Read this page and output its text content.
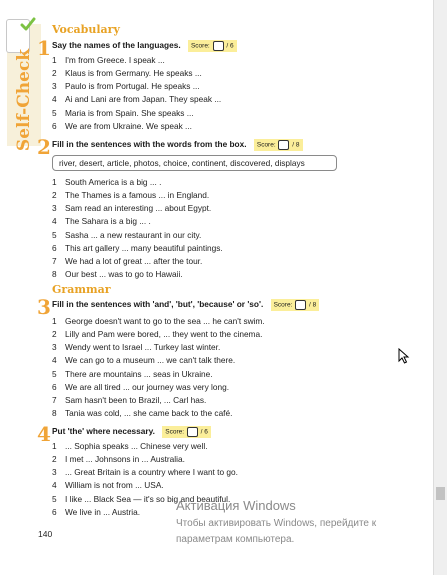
Self-Check
Vocabulary
1 Say the names of the languages. Score:	/ 6
1	I'm from Greece. I speak ...
2	Klaus is from Germany. He speaks ...
3	Paulo is from Portugal. He speaks ...
4	Ai and Lani are from Japan. They speak ...
5	Maria is from Spain. She speaks ...
6	We are from Ukraine. We speak ...
2 Fill in the sentences with the words from the box. Score:	/ 8
river, desert, article, photos, choice, continent, discovered, displays
1	South America is a big ... .
2	The Thames is a famous ... in England.
3	Sam read an interesting ... about Egypt.
4	The Sahara is a big ... .
5	Sasha ... a new restaurant in our city.
6	This art gallery ... many beautiful paintings.
7	We had a lot of great ... after the tour.
8	Our best ... was to go to Hawaii.
Grammar
3 Fill in the sentences with 'and', 'but', 'because' or 'so'. Score:	/ 8
1	George doesn't want to go to the sea ... he can't swim.
2	Lilly and Pam were bored, ... they went to the cinema.
3	Wendy went to Israel ... Turkey last winter.
4	We can go to a museum ... we can't talk there.
5	There are mountains ... seas in Ukraine.
6	We are all tired ... our journey was very long.
7	Sam hasn't been to Brazil, ... Carl has.
8	Tania was cold, ... she came back to the café.
4 Put 'the' where necessary. Score:	/ 6
1	... Sophia speaks ... Chinese very well.
2	I met ... Johnsons in ... Australia.
3	... Great Britain is a country where I want to go.
4	William is not from ... USA.
5	I like ... Black Sea — it's so big and beautiful.
6	We live in ... Austria.
140
Активация Windows
Чтобы активировать Windows, перейдите к
параметрам компьютера.
